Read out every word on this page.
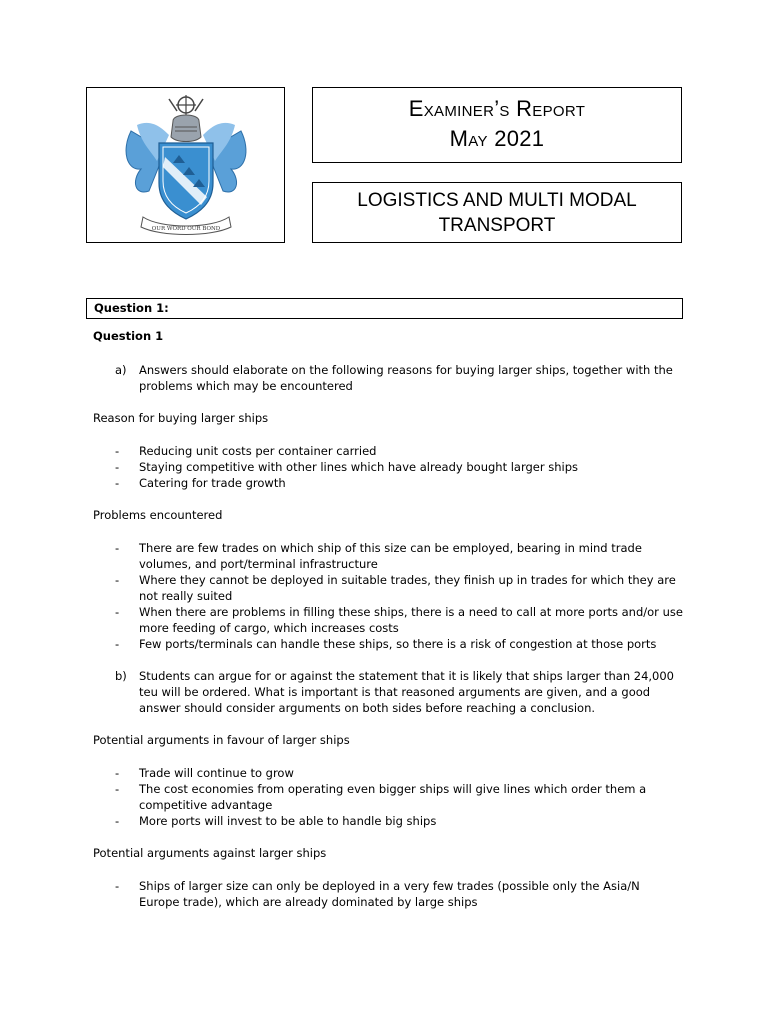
OUR WORD OUR BOND
Examiner’s Report
May 2021
LOGISTICS AND MULTI MODAL
TRANSPORT
Question 1:

Question 1

a)	Answers should elaborate on the following reasons for buying larger ships, together with the problems which may be encountered

Reason for buying larger ships

-	Reducing unit costs per container carried
-	Staying competitive with other lines which have already bought larger ships
-	Catering for trade growth

Problems encountered

-	There are few trades on which ship of this size can be employed, bearing in mind trade volumes, and port/terminal infrastructure
-	Where they cannot be deployed in suitable trades, they finish up in trades for which they are not really suited
-	When there are problems in filling these ships, there is a need to call at more ports and/or use more feeding of cargo, which increases costs
-	Few ports/terminals can handle these ships, so there is a risk of congestion at those ports
b)	Students can argue for or against the statement that it is likely that ships larger than 24,000 teu will be ordered. What is important is that reasoned arguments are given, and a good answer should consider arguments on both sides before reaching a conclusion.

Potential arguments in favour of larger ships

-	Trade will continue to grow
-	The cost economies from operating even bigger ships will give lines which order them a competitive advantage
-	More ports will invest to be able to handle big ships

Potential arguments against larger ships

-	Ships of larger size can only be deployed in a very few trades (possible only the Asia/N Europe trade), which are already dominated by large ships
